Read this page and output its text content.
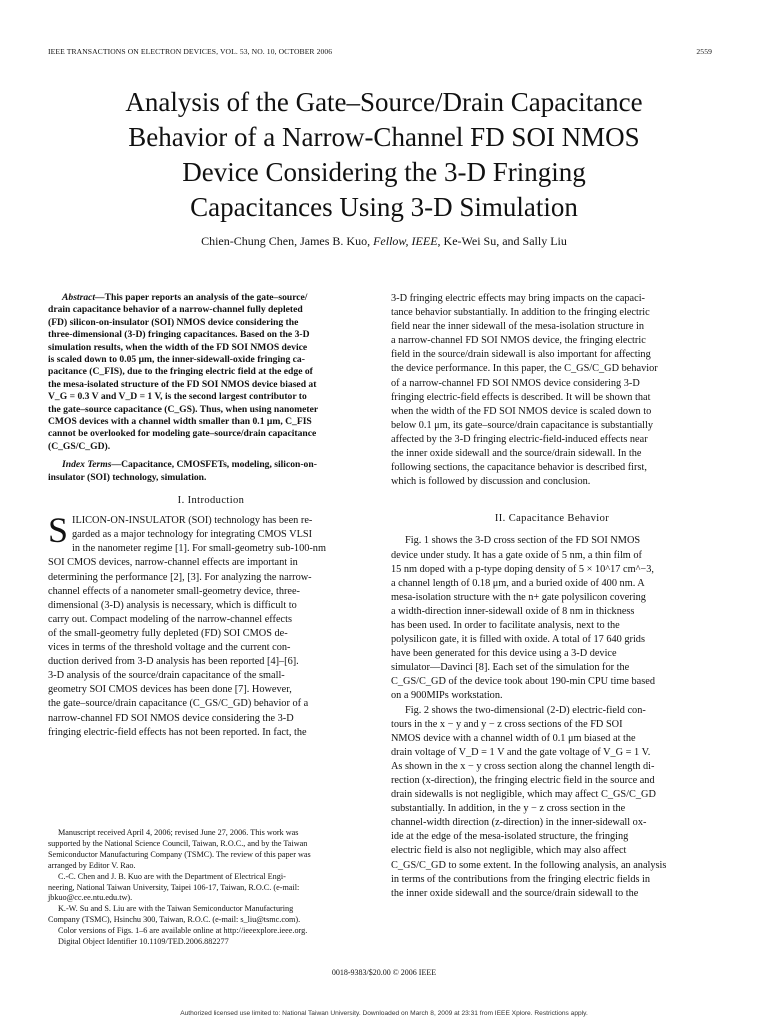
IEEE TRANSACTIONS ON ELECTRON DEVICES, VOL. 53, NO. 10, OCTOBER 2006	2559
Analysis of the Gate–Source/Drain Capacitance
Behavior of a Narrow-Channel FD SOI NMOS
Device Considering the 3-D Fringing
Capacitances Using 3-D Simulation
Chien-Chung Chen, James B. Kuo, Fellow, IEEE, Ke-Wei Su, and Sally Liu
Abstract—This paper reports an analysis of the gate–source/
drain capacitance behavior of a narrow-channel fully depleted
(FD) silicon-on-insulator (SOI) NMOS device considering the
three-dimensional (3-D) fringing capacitances. Based on the 3-D
simulation results, when the width of the FD SOI NMOS device
is scaled down to 0.05 μm, the inner-sidewall-oxide fringing ca-
pacitance (C_FIS), due to the fringing electric field at the edge of
the mesa-isolated structure of the FD SOI NMOS device biased at
V_G = 0.3 V and V_D = 1 V, is the second largest contributor to
the gate–source capacitance (C_GS). Thus, when using nanometer
CMOS devices with a channel width smaller than 0.1 μm, C_FIS
cannot be overlooked for modeling gate–source/drain capacitance
(C_GS/C_GD).
Index Terms—Capacitance, CMOSFETs, modeling, silicon-on-
insulator (SOI) technology, simulation.
I. Introduction
S ILICON-ON-INSULATOR (SOI) technology has been re-
garded as a major technology for integrating CMOS VLSI
in the nanometer regime [1]. For small-geometry sub-100-nm
SOI CMOS devices, narrow-channel effects are important in
determining the performance [2], [3]. For analyzing the narrow-
channel effects of a nanometer small-geometry device, three-
dimensional (3-D) analysis is necessary, which is difficult to
carry out. Compact modeling of the narrow-channel effects
of the small-geometry fully depleted (FD) SOI CMOS de-
vices in terms of the threshold voltage and the current con-
duction derived from 3-D analysis has been reported [4]–[6].
3-D analysis of the source/drain capacitance of the small-
geometry SOI CMOS devices has been done [7]. However,
the gate–source/drain capacitance (C_GS/C_GD) behavior of a
narrow-channel FD SOI NMOS device considering the 3-D
fringing electric-field effects has not been reported. In fact, the

Manuscript received April 4, 2006; revised June 27, 2006. This work was

supported by the National Science Council, Taiwan, R.O.C., and by the Taiwan

Semiconductor Manufacturing Company (TSMC). The review of this paper was

arranged by Editor V. Rao.

C.-C. Chen and J. B. Kuo are with the Department of Electrical Engi-

neering, National Taiwan University, Taipei 106-17, Taiwan, R.O.C. (e-mail:

jbkuo@cc.ee.ntu.edu.tw).

K.-W. Su and S. Liu are with the Taiwan Semiconductor Manufacturing

Company (TSMC), Hsinchu 300, Taiwan, R.O.C. (e-mail: s_liu@tsmc.com).

Color versions of Figs. 1–6 are available online at http://ieeexplore.ieee.org.

Digital Object Identifier 10.1109/TED.2006.882277

3-D fringing electric effects may bring impacts on the capaci-
tance behavior substantially. In addition to the fringing electric
field near the inner sidewall of the mesa-isolation structure in
a narrow-channel FD SOI NMOS device, the fringing electric
field in the source/drain sidewall is also important for affecting
the device performance. In this paper, the C_GS/C_GD behavior
of a narrow-channel FD SOI NMOS device considering 3-D
fringing electric-field effects is described. It will be shown that
when the width of the FD SOI NMOS device is scaled down to
below 0.1 μm, its gate–source/drain capacitance is substantially
affected by the 3-D fringing electric-field-induced effects near
the inner oxide sidewall and the source/drain sidewall. In the
following sections, the capacitance behavior is described first,
which is followed by discussion and conclusion.
II. Capacitance Behavior
Fig. 1 shows the 3-D cross section of the FD SOI NMOS
device under study. It has a gate oxide of 5 nm, a thin film of
15 nm doped with a p-type doping density of 5 × 10^17 cm^−3,
a channel length of 0.18 μm, and a buried oxide of 400 nm. A
mesa-isolation structure with the n+ gate polysilicon covering
a width-direction inner-sidewall oxide of 8 nm in thickness
has been used. In order to facilitate analysis, next to the
polysilicon gate, it is filled with oxide. A total of 17 640 grids
have been generated for this device using a 3-D device
simulator—Davinci [8]. Each set of the simulation for the
C_GS/C_GD of the device took about 190-min CPU time based
on a 900MIPs workstation.
Fig. 2 shows the two-dimensional (2-D) electric-field con-
tours in the x − y and y − z cross sections of the FD SOI
NMOS device with a channel width of 0.1 μm biased at the
drain voltage of V_D = 1 V and the gate voltage of V_G = 1 V.
As shown in the x − y cross section along the channel length di-
rection (x-direction), the fringing electric field in the source and
drain sidewalls is not negligible, which may affect C_GS/C_GD
substantially. In addition, in the y − z cross section in the
channel-width direction (z-direction) in the inner-sidewall ox-
ide at the edge of the mesa-isolated structure, the fringing
electric field is also not negligible, which may also affect
C_GS/C_GD to some extent. In the following analysis, an analysis
in terms of the contributions from the fringing electric fields in
the inner oxide sidewall and the source/drain sidewall to the
0018-9383/$20.00 © 2006 IEEE
Authorized licensed use limited to: National Taiwan University. Downloaded on March 8, 2009 at 23:31 from IEEE Xplore. Restrictions apply.
